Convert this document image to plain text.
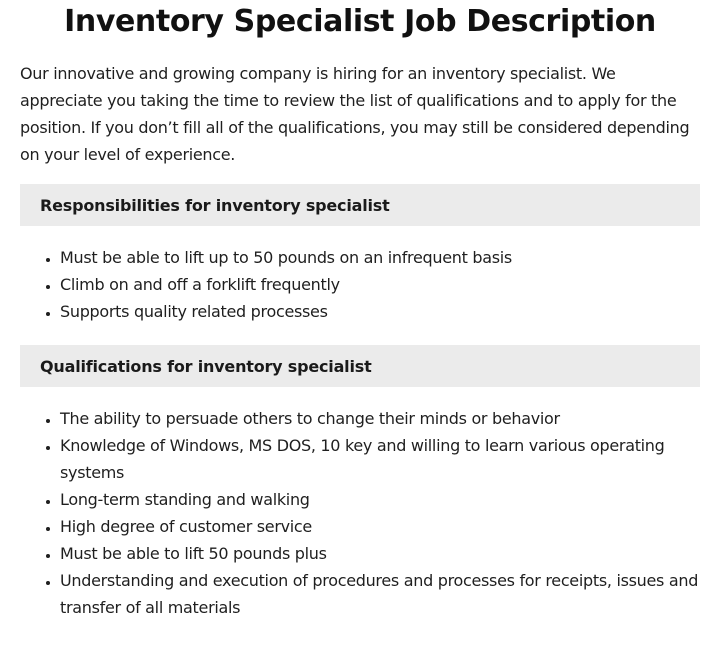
Inventory Specialist Job Description

Our innovative and growing company is hiring for an inventory specialist. We appreciate you taking the time to review the list of qualifications and to apply for the position. If you don’t fill all of the qualifications, you may still be considered depending on your level of experience.

Responsibilities for inventory specialist
• Must be able to lift up to 50 pounds on an infrequent basis
• Climb on and off a forklift frequently
• Supports quality related processes
Qualifications for inventory specialist
• The ability to persuade others to change their minds or behavior
• Knowledge of Windows, MS DOS, 10 key and willing to learn various operating systems
• Long-term standing and walking
• High degree of customer service
• Must be able to lift 50 pounds plus
• Understanding and execution of procedures and processes for receipts, issues and transfer of all materials
